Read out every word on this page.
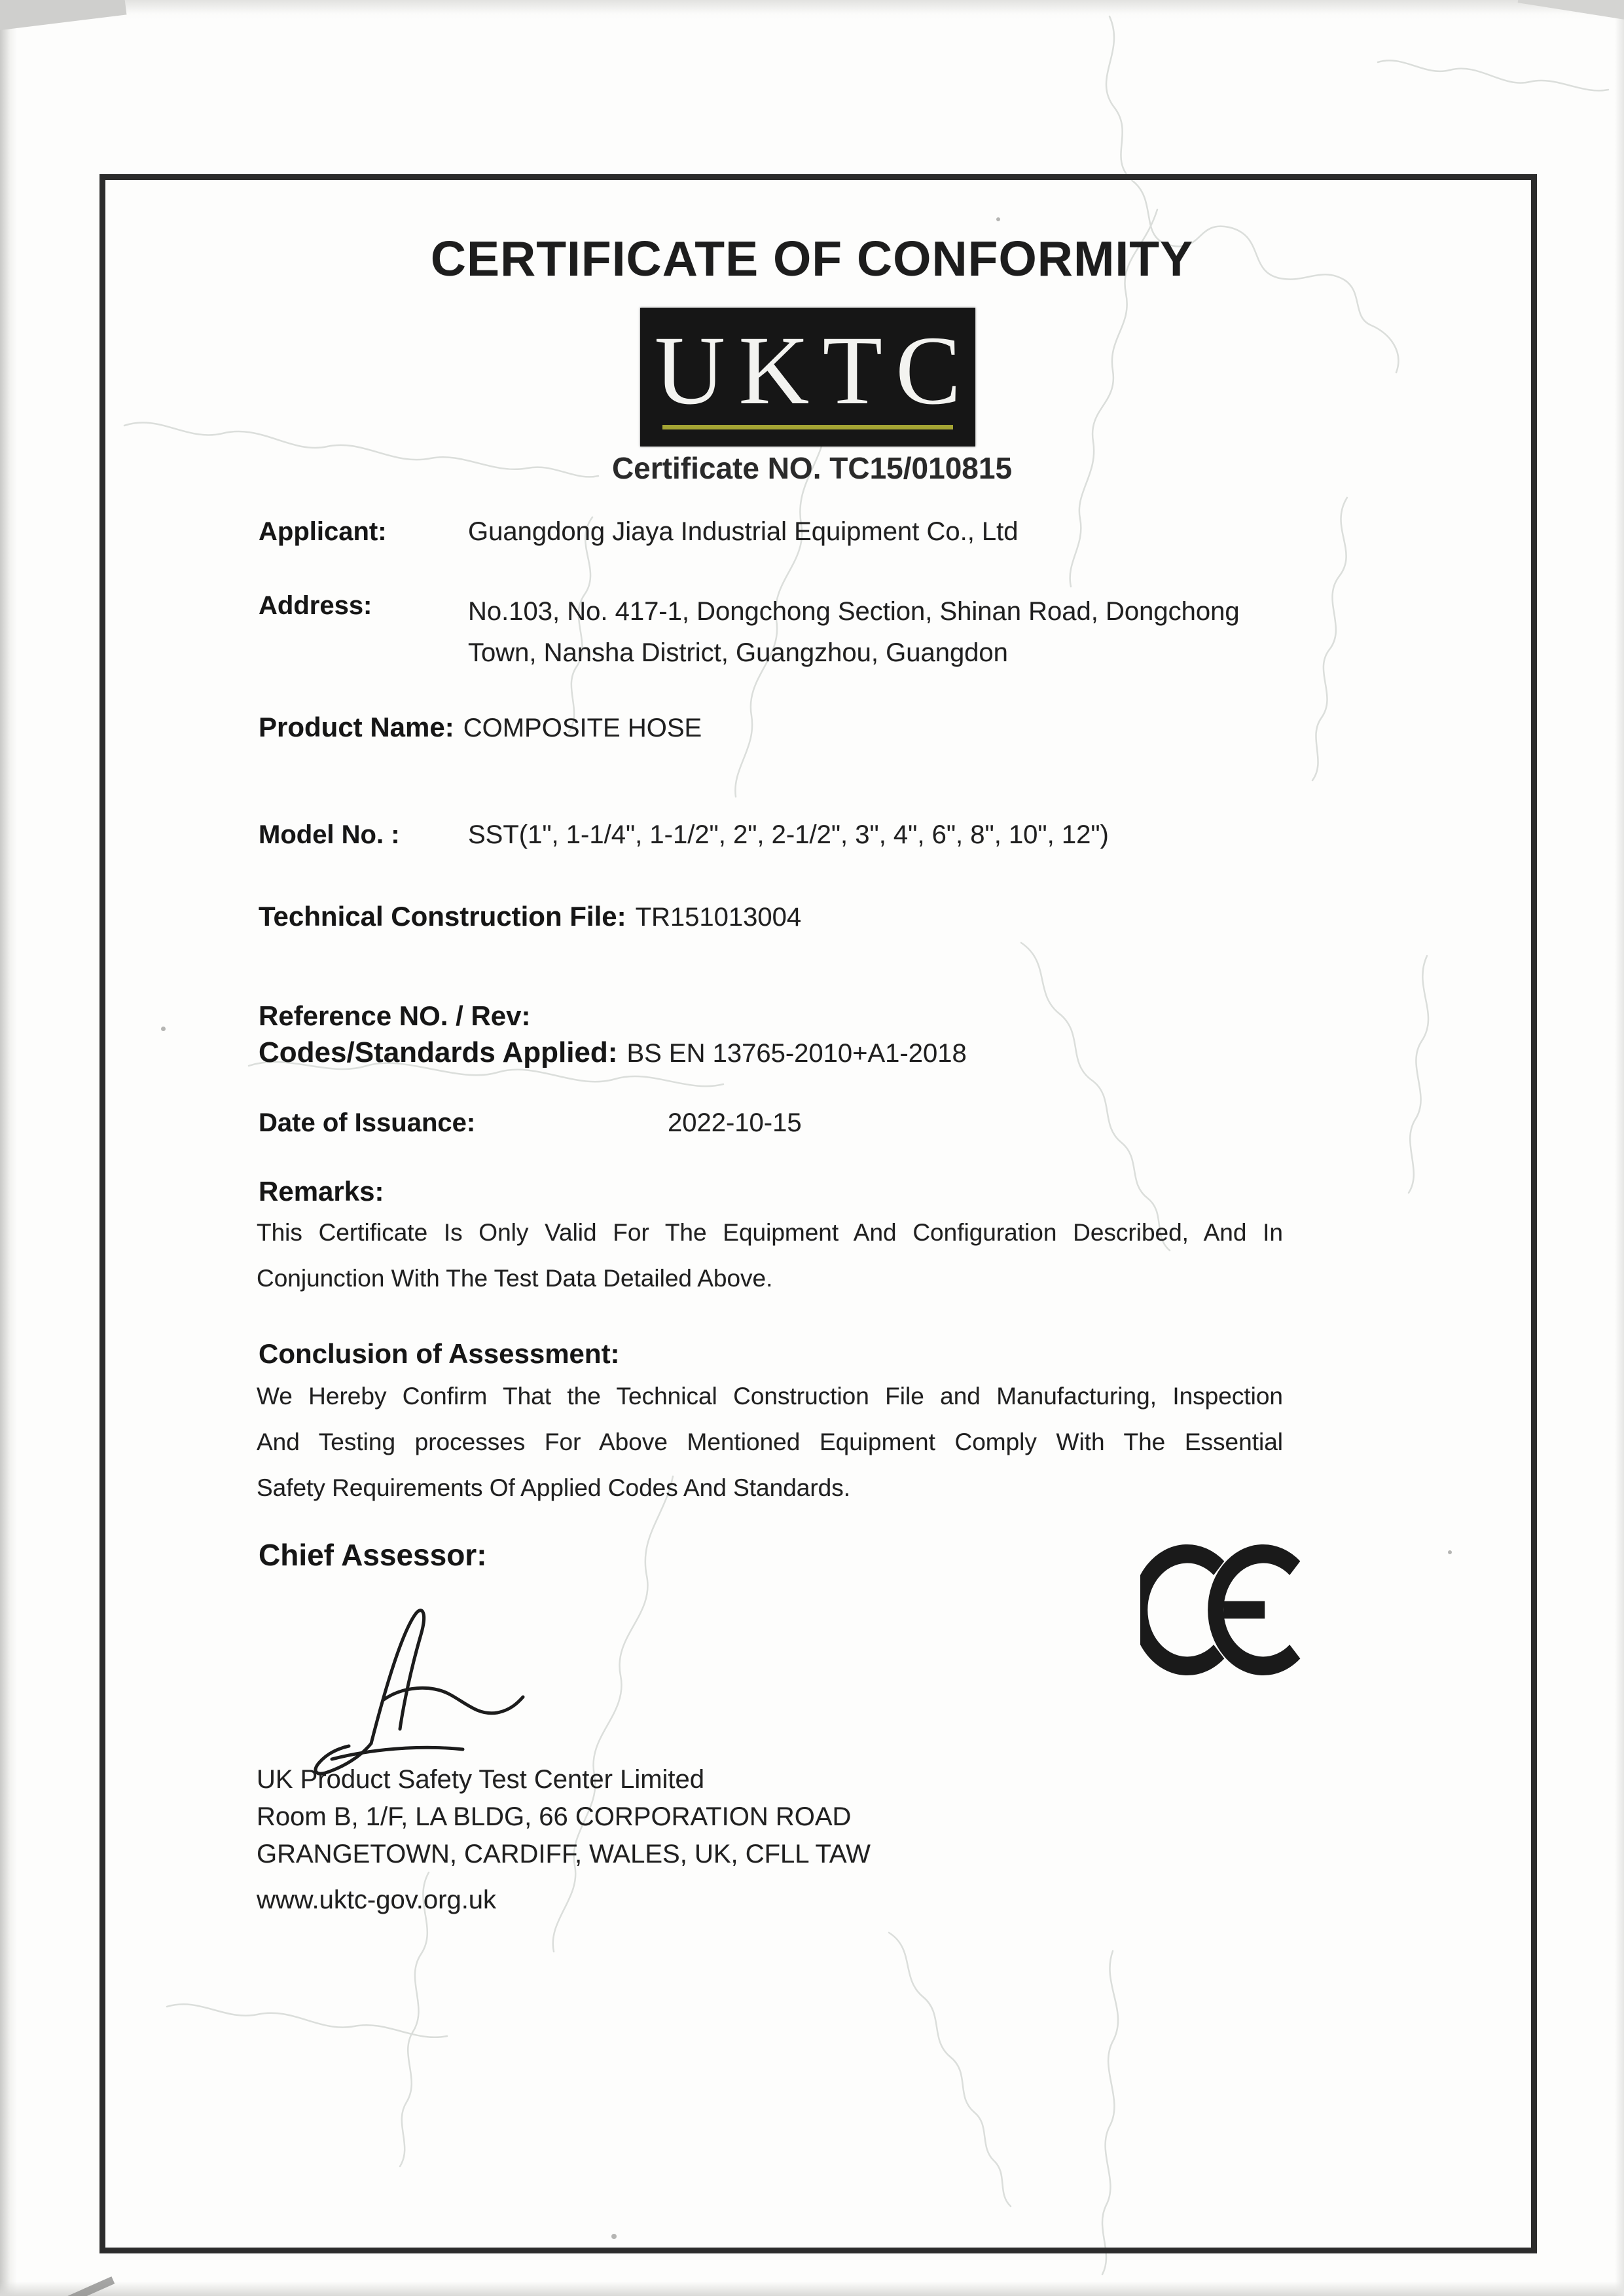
CERTIFICATE OF CONFORMITY
UKTC
Certificate NO. TC15/010815
Applicant:	Guangdong Jiaya Industrial Equipment Co., Ltd
Address:	No.103, No. 417-1, Dongchong Section, Shinan Road, Dongchong Town, Nansha District, Guangzhou, Guangdon
Product Name: COMPOSITE HOSE
Model No. :	SST(1", 1-1/4", 1-1/2", 2", 2-1/2", 3", 4", 6", 8", 10", 12")
Technical Construction File: TR151013004
Reference NO. / Rev:
Codes/Standards Applied: BS EN 13765-2010+A1-2018
Date of Issuance:	2022-10-15
Remarks:
This Certificate Is Only Valid For The Equipment And Configuration Described, And In
Conjunction With The Test Data Detailed Above.
Conclusion of Assessment:
We Hereby Confirm That the Technical Construction File and Manufacturing, Inspection
And Testing processes For Above Mentioned Equipment Comply With The Essential
Safety Requirements Of Applied Codes And Standards.
Chief Assessor:
UK Product Safety Test Center Limited
Room B, 1/F, LA BLDG, 66 CORPORATION ROAD
GRANGETOWN, CARDIFF, WALES, UK, CFLL TAW
www.uktc-gov.org.uk
